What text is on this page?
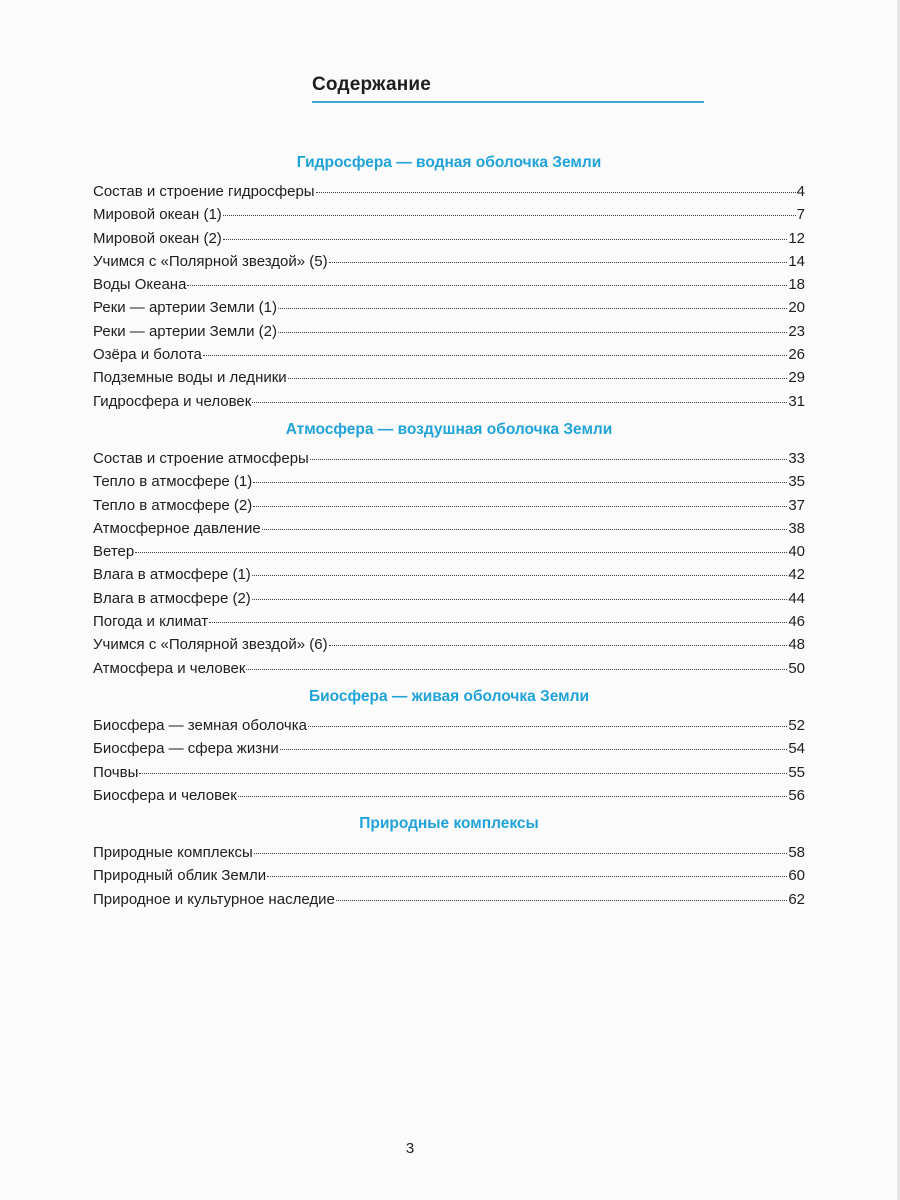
Содержание
Гидросфера — водная оболочка Земли
Состав и строение гидросферы	4
Мировой океан (1)	7
Мировой океан (2)	12
Учимся с «Полярной звездой» (5)	14
Воды Океана	18
Реки — артерии Земли (1)	20
Реки — артерии Земли (2)	23
Озёра и болота	26
Подземные воды и ледники	29
Гидросфера и человек	31
Атмосфера — воздушная оболочка Земли
Состав и строение атмосферы	33
Тепло в атмосфере (1)	35
Тепло в атмосфере (2)	37
Атмосферное давление	38
Ветер	40
Влага в атмосфере (1)	42
Влага в атмосфере (2)	44
Погода и климат	46
Учимся с «Полярной звездой» (6)	48
Атмосфера и человек	50
Биосфера — живая оболочка Земли
Биосфера — земная оболочка	52
Биосфера — сфера жизни	54
Почвы	55
Биосфера и человек	56
Природные комплексы
Природные комплексы	58
Природный облик Земли	60
Природное и культурное наследие	62
3
